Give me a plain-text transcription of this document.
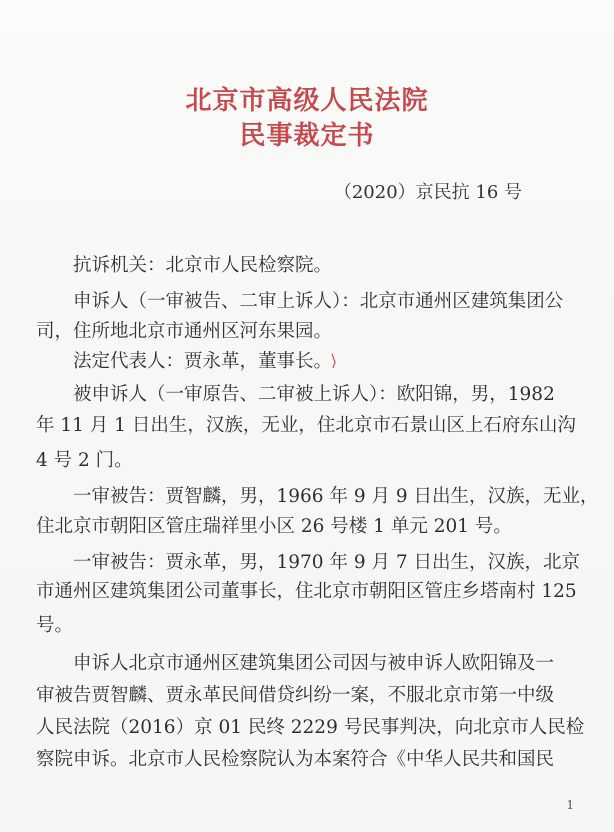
北京市高级人民法院
民事裁定书
（2020）京民抗 16 号
抗诉机关：北京市人民检察院。
申诉人（一审被告、二审上诉人）：北京市通州区建筑集团公
司，住所地北京市通州区河东果园。
法定代表人：贾永革，董事长。
被申诉人（一审原告、二审被上诉人）：欧阳锦，男，1982
年 11 月 1 日出生，汉族，无业，住北京市石景山区上石府东山沟
4 号 2 门。
一审被告：贾智麟，男，1966 年 9 月 9 日出生，汉族，无业，
住北京市朝阳区管庄瑞祥里小区 26 号楼 1 单元 201 号。
一审被告：贾永革，男，1970 年 9 月 7 日出生，汉族，北京
市通州区建筑集团公司董事长，住北京市朝阳区管庄乡塔南村 125
号。
申诉人北京市通州区建筑集团公司因与被申诉人欧阳锦及一
审被告贾智麟、贾永革民间借贷纠纷一案，不服北京市第一中级
人民法院（2016）京 01 民终 2229 号民事判决，向北京市人民检
察院申诉。北京市人民检察院认为本案符合《中华人民共和国民
1
